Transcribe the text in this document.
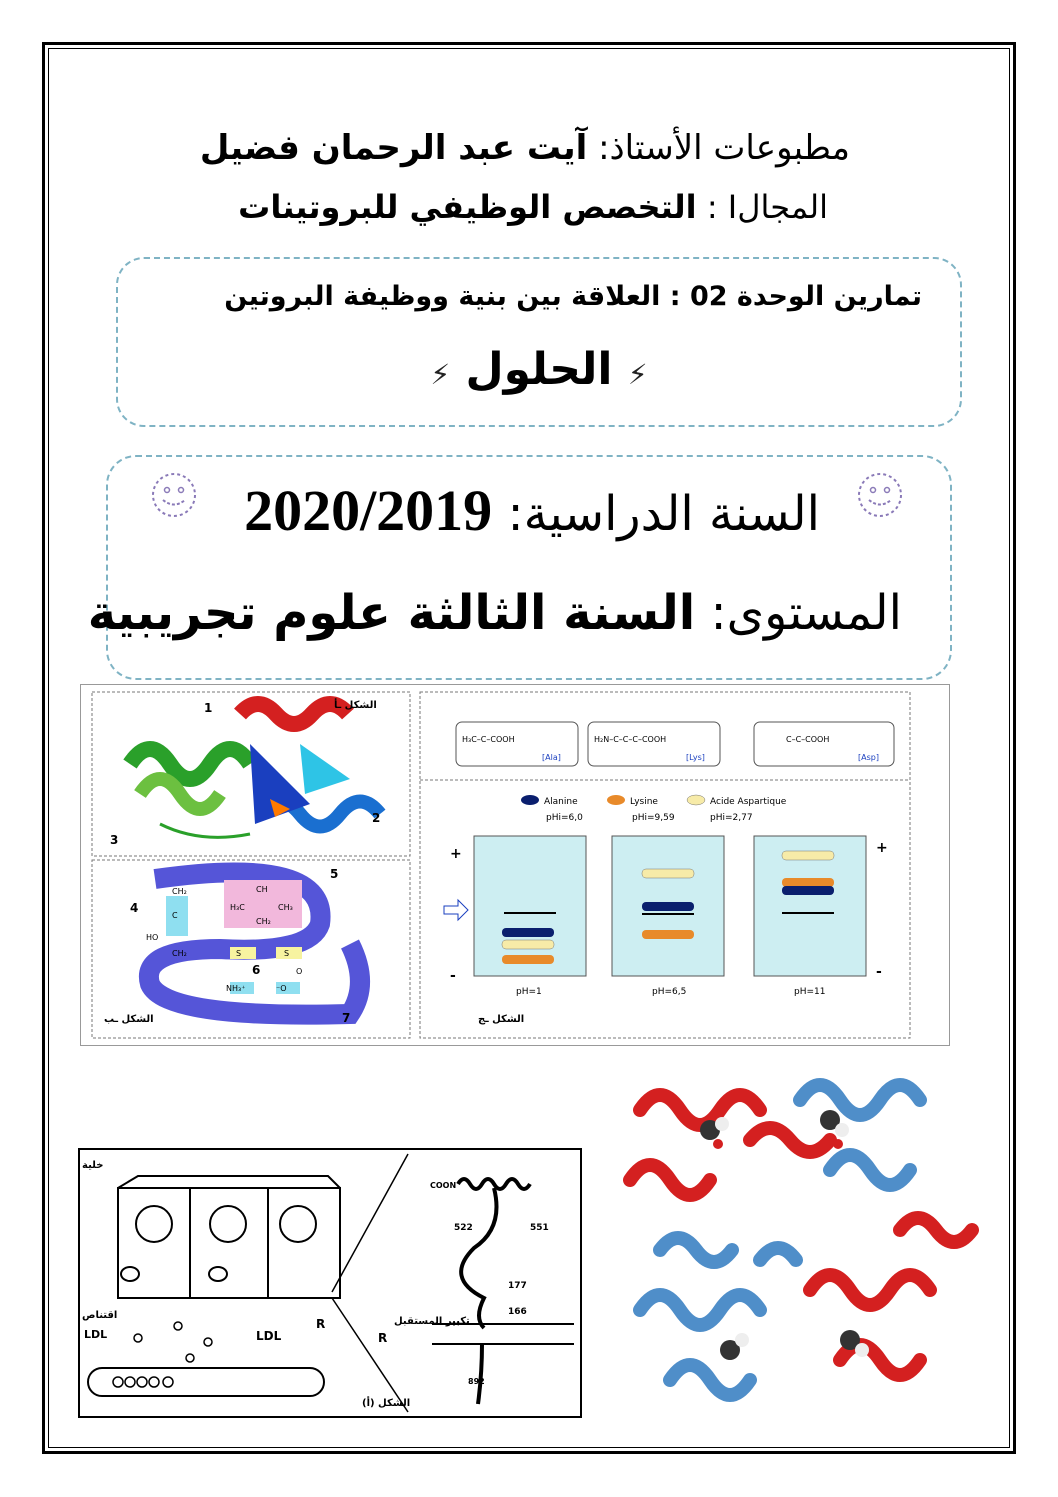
مطبوعات الأستاذ: آيت عبد الرحمان فضيل
المجالI : التخصص الوظيفي للبروتينات
تمارين الوحدة 02 : العلاقة بين بنية ووظيفة البروتين
⚡ الحلول ⚡
السنة الدراسية: 2020/2019
المستوى: السنة الثالثة علوم تجريبية
الشكل ـأ
1
2
3
CH₂
C
HO
CH₂
CH
H₃C	CH₃
CH₂
S	S
NH₃⁺	⁻O
O
4
5
6
7
الشكل ـب
H₃C–C–COOH
[Ala]
H₂N–C–C–C–COOH
[Lys]
C–C–COOH
[Asp]
Alanine
pHi=6,0
Lysine
pHi=9,59
Acide Aspartique
pHi=2,77
+
-
+
-
pH=1	pH=6,5	pH=11
الشكل ـج
خلية
تكبير المستقبل
R
R
اقتناص
LDL	LDL
الشكل (أ)
COON
522	551
177
166
892
